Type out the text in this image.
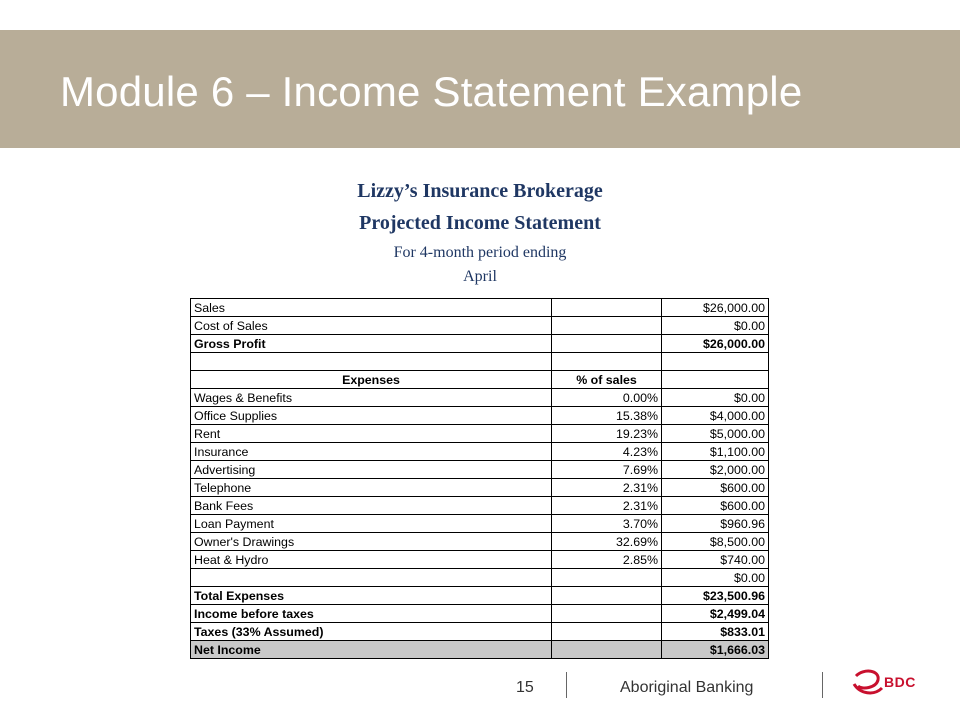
Module 6 – Income Statement Example
Lizzy’s Insurance Brokerage
Projected Income Statement
For 4-month period ending
April
Sales		$26,000.00
Cost of Sales		$0.00
Gross Profit		$26,000.00

Expenses	% of sales	
Wages & Benefits	0.00%	$0.00
Office Supplies	15.38%	$4,000.00
Rent	19.23%	$5,000.00
Insurance	4.23%	$1,100.00
Advertising	7.69%	$2,000.00
Telephone	2.31%	$600.00
Bank Fees	2.31%	$600.00
Loan Payment	3.70%	$960.96
Owner's Drawings	32.69%	$8,500.00
Heat & Hydro	2.85%	$740.00
		$0.00
Total Expenses		$23,500.96
Income before taxes		$2,499.04
Taxes (33% Assumed)		$833.01
Net Income		$1,666.03
15	Aboriginal Banking	BDC
